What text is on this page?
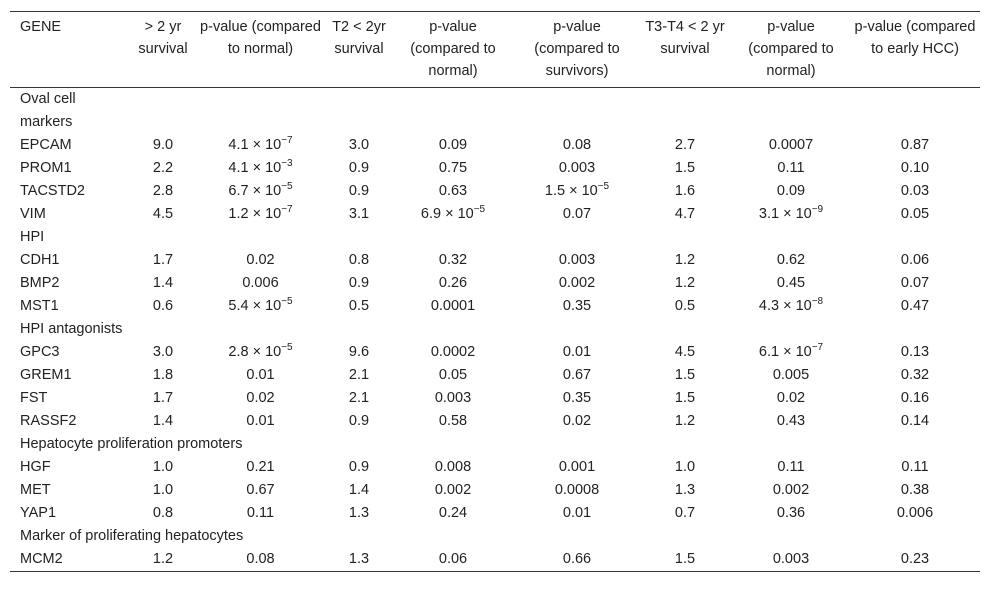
GENE	> 2 yr survival	p-value (compared to normal)	T2 < 2yr survival	p-value (compared to normal)	p-value (compared to survivors)	T3-T4 < 2 yr survival	p-value (compared to normal)	p-value (compared to early HCC)
Oval cell markers								
EPCAM	9.0	$4.1 \times 10^{-7}$	3.0	0.09	0.08	2.7	0.0007	0.87
PROM1	2.2	$4.1 \times 10^{-3}$	0.9	0.75	0.003	1.5	0.11	0.10
TACSTD2	2.8	$6.7 \times 10^{-5}$	0.9	0.63	$1.5 \times 10^{-5}$	1.6	0.09	0.03
VIM	4.5	$1.2 \times 10^{-7}$	3.1	$6.9 \times 10^{-5}$	0.07	4.7	$3.1 \times 10^{-9}$	0.05
HPI								
CDH1	1.7	0.02	0.8	0.32	0.003	1.2	0.62	0.06
BMP2	1.4	0.006	0.9	0.26	0.002	1.2	0.45	0.07
MST1	0.6	$5.4 \times 10^{-5}$	0.5	0.0001	0.35	0.5	$4.3 \times 10^{-8}$	0.47
HPI antagonists								
GPC3	3.0	$2.8 \times 10^{-5}$	9.6	0.0002	0.01	4.5	$6.1 \times 10^{-7}$	0.13
GREM1	1.8	0.01	2.1	0.05	0.67	1.5	0.005	0.32
FST	1.7	0.02	2.1	0.003	0.35	1.5	0.02	0.16
RASSF2	1.4	0.01	0.9	0.58	0.02	1.2	0.43	0.14
Hepatocyte proliferation promoters								
HGF	1.0	0.21	0.9	0.008	0.001	1.0	0.11	0.11
MET	1.0	0.67	1.4	0.002	0.0008	1.3	0.002	0.38
YAP1	0.8	0.11	1.3	0.24	0.01	0.7	0.36	0.006
Marker of proliferating hepatocytes								
MCM2	1.2	0.08	1.3	0.06	0.66	1.5	0.003	0.23
